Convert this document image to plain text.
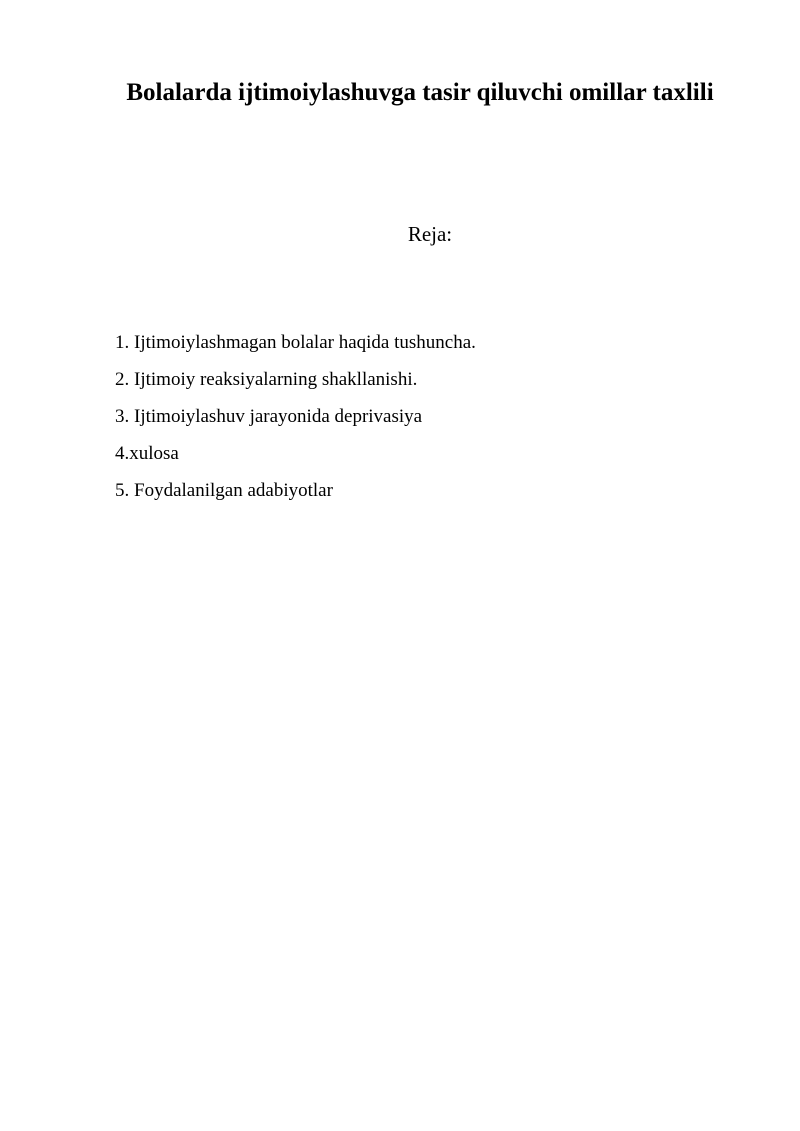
Bolalarda ijtimoiylashuvga tasir qiluvchi omillar taxlili
Reja:
1. Ijtimoiylashmagan bolalar haqida tushuncha.
2. Ijtimoiy reaksiyalarning shakllanishi.
3. Ijtimoiylashuv jarayonida deprivasiya
4.xulosa
5. Foydalanilgan adabiyotlar
